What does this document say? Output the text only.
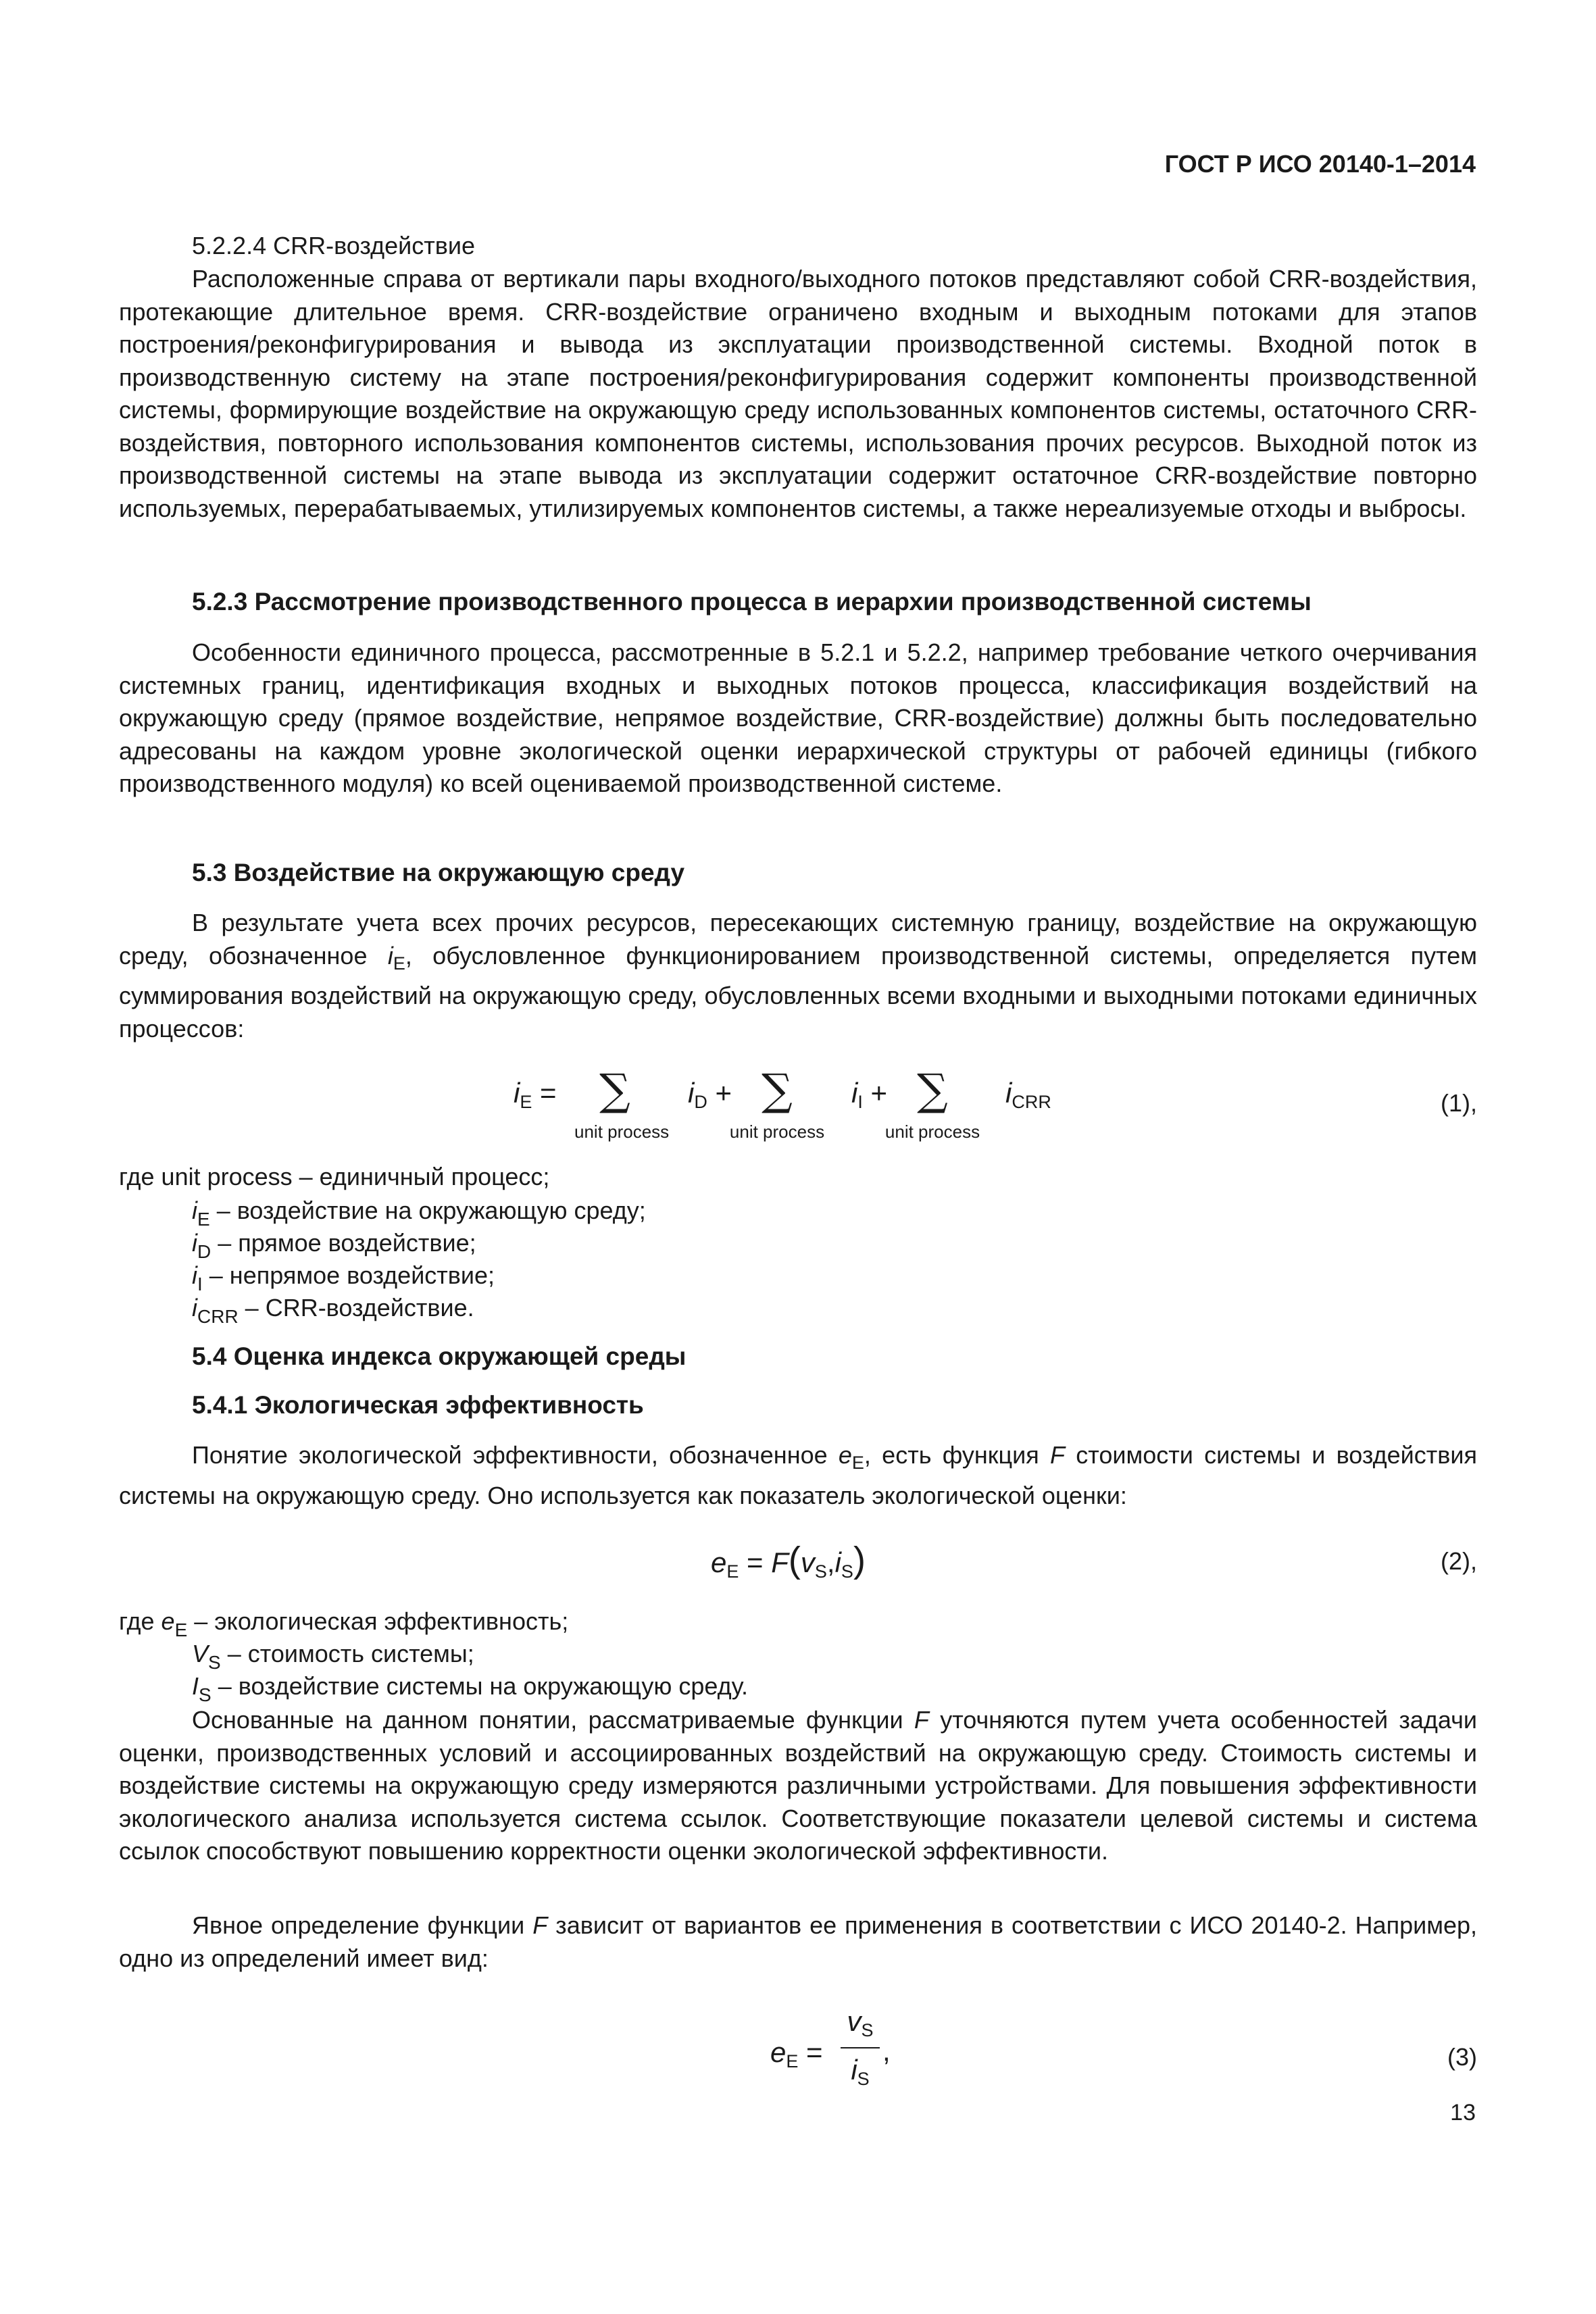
ГОСТ Р ИСО 20140-1–2014
5.2.2.4 CRR-воздействие
Расположенные справа от вертикали пары входного/выходного потоков представляют собой CRR-воздействия, протекающие длительное время. CRR-воздействие ограничено входным и выходным потоками для этапов построения/реконфигурирования и вывода из эксплуатации производственной системы. Входной поток в производственную систему на этапе построения/реконфигурирования содержит компоненты производственной системы, формирующие воздействие на окружающую среду использованных компонентов системы, остаточного CRR-воздействия, повторного использования компонентов системы, использования прочих ресурсов. Выходной поток из производственной системы на этапе вывода из эксплуатации содержит остаточное CRR-воздействие повторно используемых, перерабатываемых, утилизируемых компонентов системы, а также нереализуемые отходы и выбросы.
5.2.3 Рассмотрение производственного процесса в иерархии производственной системы
Особенности единичного процесса, рассмотренные в 5.2.1 и 5.2.2, например требование четкого очерчивания системных границ, идентификация входных и выходных потоков процесса, классификация воздействий на окружающую среду (прямое воздействие, непрямое воздействие, CRR-воздействие) должны быть последовательно адресованы на каждом уровне экологической оценки иерархической структуры от рабочей единицы (гибкого производственного модуля) ко всей оцениваемой производственной системе.
5.3 Воздействие на окружающую среду
В результате учета всех прочих ресурсов, пересекающих системную границу, воздействие на окружающую среду, обозначенное $i_E$, обусловленное функционированием производственной системы, определяется путем суммирования воздействий на окружающую среду, обусловленных всеми входными и выходными потоками единичных процессов:
$i_E$ = ∑
unit process
$i_D$ + ∑
unit process
$i_I$ + ∑
unit process
$i_{CRR}$	(1),
где unit process – единичный процесс;
$i_E$ – воздействие на окружающую среду;
$i_D$ – прямое воздействие;
$i_I$ – непрямое воздействие;
$i_{CRR}$ – CRR-воздействие.
5.4 Оценка индекса окружающей среды
5.4.1 Экологическая эффективность
Понятие экологической эффективности, обозначенное $e_E$, есть функция F стоимости системы и воздействия системы на окружающую среду. Оно используется как показатель экологической оценки:
$e_E = F(v_S,i_S)$	(2),
где $e_E$ – экологическая эффективность;
$V_S$ – стоимость системы;
$I_S$ – воздействие системы на окружающую среду.
Основанные на данном понятии, рассматриваемые функции F уточняются путем учета особенностей задачи оценки, производственных условий и ассоциированных воздействий на окружающую среду. Стоимость системы и воздействие системы на окружающую среду измеряются различными устройствами. Для повышения эффективности экологического анализа используется система ссылок. Соответствующие показатели целевой системы и система ссылок способствуют повышению корректности оценки экологической эффективности.
Явное определение функции F зависит от вариантов ее применения в соответствии с ИСО 20140-2. Например, одно из определений имеет вид:
$e_E$ =
$v_S$
$i_S$
,	(3)
13
